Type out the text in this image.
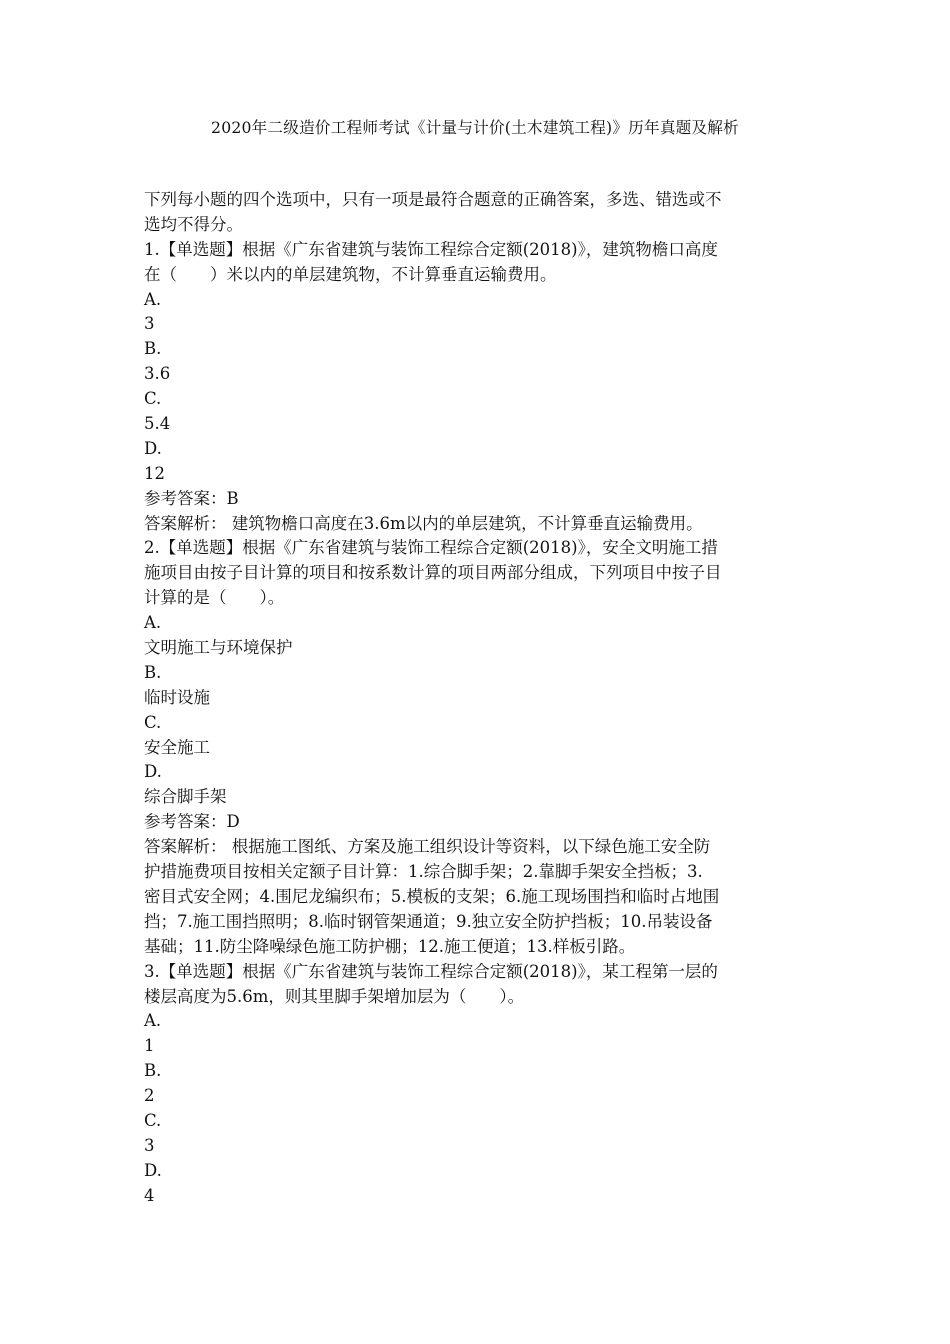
2020年二级造价工程师考试《计量与计价(土木建筑工程)》历年真题及解析
下列每小题的四个选项中，只有一项是最符合题意的正确答案，多选、错选或不
选均不得分。
1.【单选题】根据《广东省建筑与装饰工程综合定额(2018)》，建筑物檐口高度
在（　　）米以内的单层建筑物，不计算垂直运输费用。
A.
3
B.
3.6
C.
5.4
D.
12
参考答案：B
答案解析： 建筑物檐口高度在3.6m以内的单层建筑，不计算垂直运输费用。
2.【单选题】根据《广东省建筑与装饰工程综合定额(2018)》，安全文明施工措
施项目由按子目计算的项目和按系数计算的项目两部分组成，下列项目中按子目
计算的是（　　）。
A.
文明施工与环境保护
B.
临时设施
C.
安全施工
D.
综合脚手架
参考答案：D
答案解析： 根据施工图纸、方案及施工组织设计等资料，以下绿色施工安全防
护措施费项目按相关定额子目计算：1.综合脚手架；2.靠脚手架安全挡板；3.
密目式安全网；4.围尼龙编织布；5.模板的支架；6.施工现场围挡和临时占地围
挡；7.施工围挡照明；8.临时钢管架通道；9.独立安全防护挡板；10.吊装设备
基础；11.防尘降噪绿色施工防护棚；12.施工便道；13.样板引路。
3.【单选题】根据《广东省建筑与装饰工程综合定额(2018)》，某工程第一层的
楼层高度为5.6m，则其里脚手架增加层为（　　）。
A.
1
B.
2
C.
3
D.
4
